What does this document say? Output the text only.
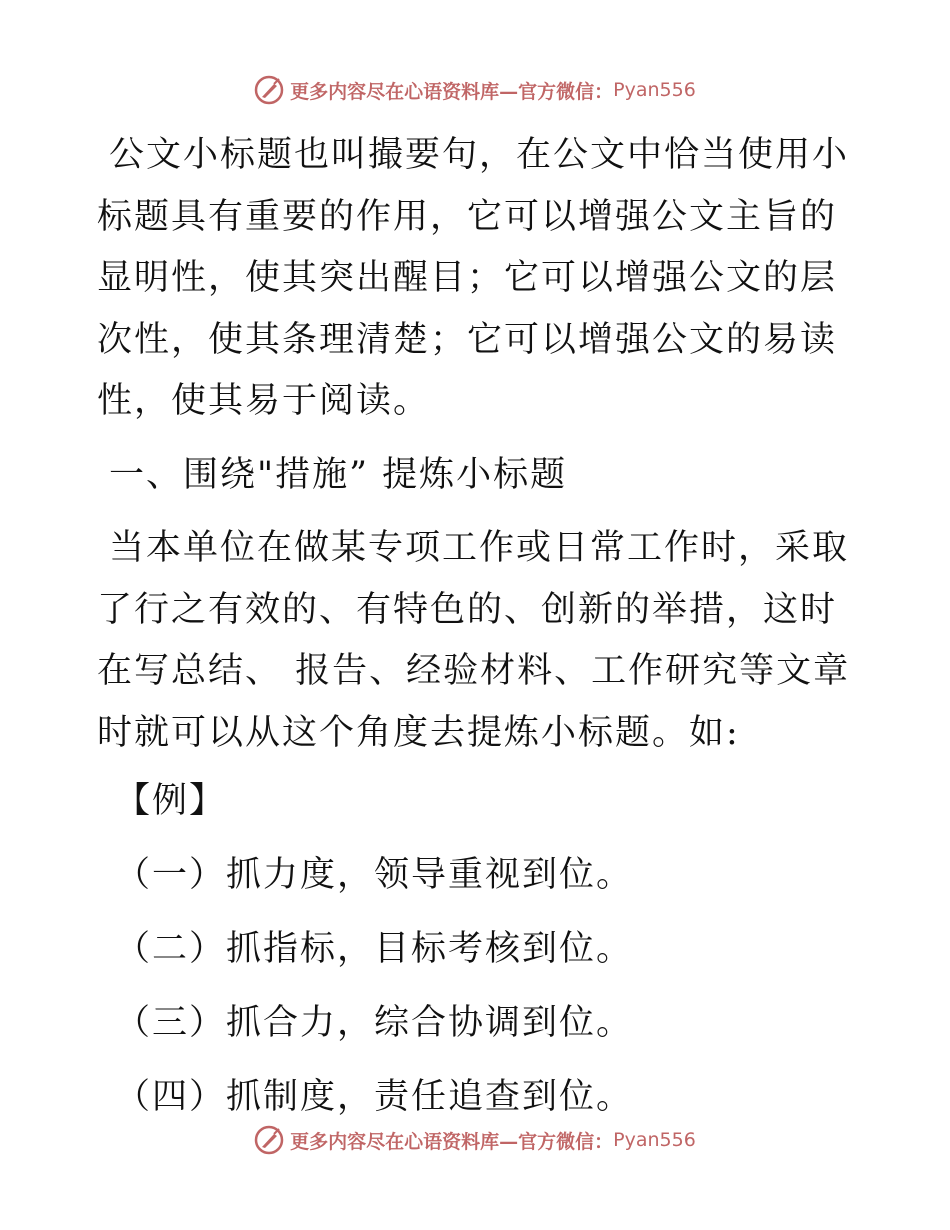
更多内容尽在心语资料库—官方微信： Pyan556

公文小标题也叫撮要句，在公文中恰当使用小标题具有重要的作用，它可以增强公文主旨的显明性，使其突出醒目；它可以增强公文的层次性，使其条理清楚；它可以增强公文的易读性，使其易于阅读。

一、围绕"措施” 提炼小标题

当本单位在做某专项工作或日常工作时，采取了行之有效的、有特色的、创新的举措，这时在写总结、 报告、经验材料、工作研究等文章时就可以从这个角度去提炼小标题。如:

【例】

（一）抓力度，领导重视到位。

（二）抓指标，目标考核到位。

（三）抓合力，综合协调到位。

（四）抓制度，责任追查到位。

更多内容尽在心语资料库—官方微信： Pyan556
